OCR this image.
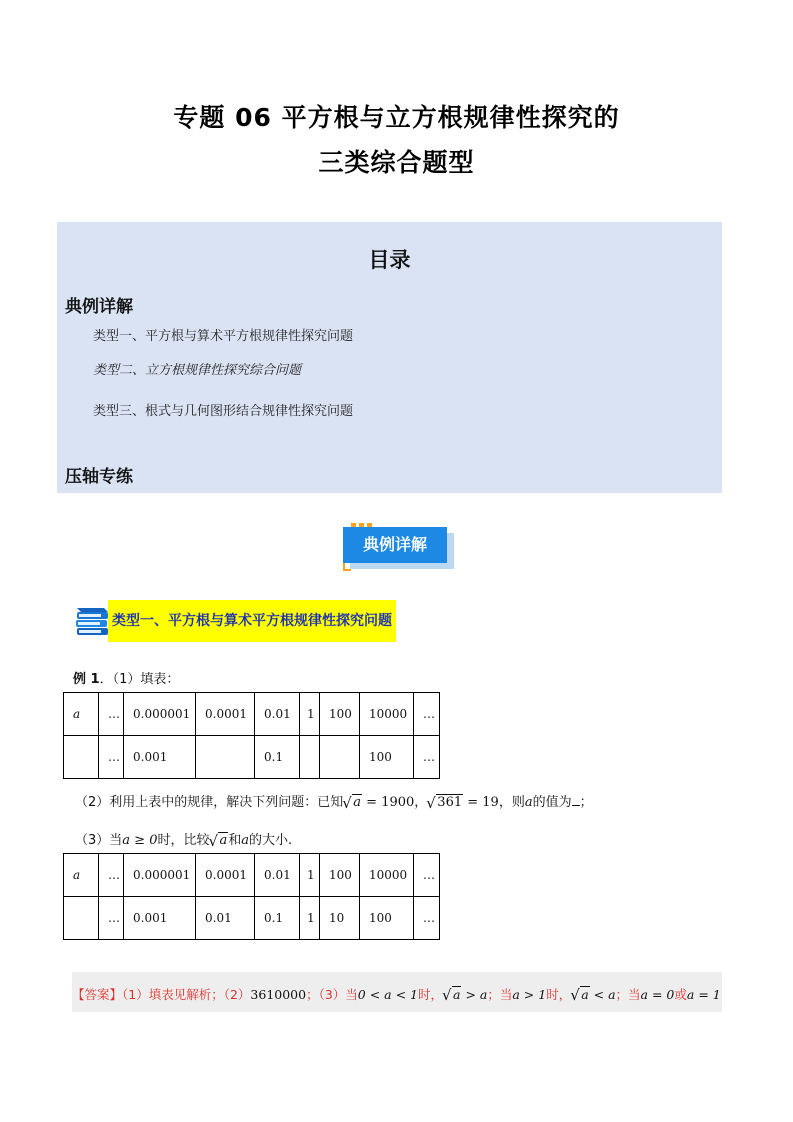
专题 06 平方根与立方根规律性探究的
三类综合题型
目录
典例详解
类型一、平方根与算术平方根规律性探究问题
类型二、立方根规律性探究综合问题
类型三、根式与几何图形结合规律性探究问题
压轴专练
典例详解
类型一、平方根与算术平方根规律性探究问题
例 1．（1）填表：
a	…	0.000001	0.0001	0.01	1	100	10000	…
	…	0.001		0.1			100	…
（2）利用上表中的规律，解决下列问题：已知 √ a = 1900， √ 361 = 19，则a的值为 ；
（3）当a ≥ 0时，比较 √ a和a的大小.
a	…	0.000001	0.0001	0.01	1	100	10000	…
	…	0.001	0.01	0.1	1	10	100	…
【答案】（1）填表见解析；（2）3610000；（3）当0 < a < 1时， √ a > a；当a > 1时， √ a < a；当a = 0或a = 1
